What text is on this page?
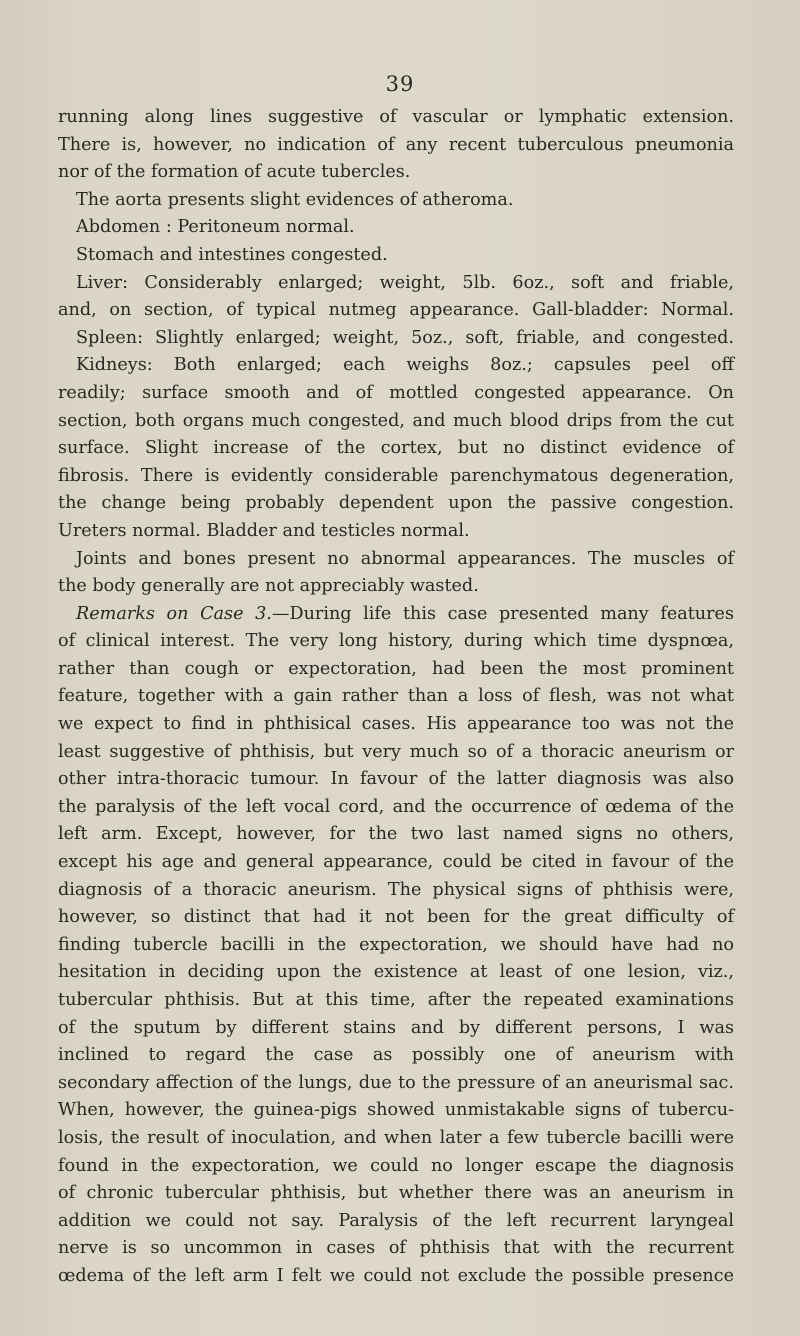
39
running along lines suggestive of vascular or lymphatic extension.
There is, however, no indication of any recent tuberculous pneumonia
nor of the formation of acute tubercles.
The aorta presents slight evidences of atheroma.
Abdomen : Peritoneum normal.
Stomach and intestines congested.
Liver: Considerably enlarged; weight, 5lb. 6oz., soft and friable,
and, on section, of typical nutmeg appearance. Gall-bladder: Normal.
Spleen: Slightly enlarged; weight, 5oz., soft, friable, and congested.
Kidneys: Both enlarged; each weighs 8oz.; capsules peel off
readily; surface smooth and of mottled congested appearance. On
section, both organs much congested, and much blood drips from the cut
surface. Slight increase of the cortex, but no distinct evidence of
fibrosis. There is evidently considerable parenchymatous degeneration,
the change being probably dependent upon the passive congestion.
Ureters normal. Bladder and testicles normal.
Joints and bones present no abnormal appearances. The muscles of
the body generally are not appreciably wasted.
Remarks on Case 3.—During life this case presented many features
of clinical interest. The very long history, during which time dyspnœa,
rather than cough or expectoration, had been the most prominent
feature, together with a gain rather than a loss of flesh, was not what
we expect to find in phthisical cases. His appearance too was not the
least suggestive of phthisis, but very much so of a thoracic aneurism or
other intra-thoracic tumour. In favour of the latter diagnosis was also
the paralysis of the left vocal cord, and the occurrence of œdema of the
left arm. Except, however, for the two last named signs no others,
except his age and general appearance, could be cited in favour of the
diagnosis of a thoracic aneurism. The physical signs of phthisis were,
however, so distinct that had it not been for the great difficulty of
finding tubercle bacilli in the expectoration, we should have had no
hesitation in deciding upon the existence at least of one lesion, viz.,
tubercular phthisis. But at this time, after the repeated examinations
of the sputum by different stains and by different persons, I was
inclined to regard the case as possibly one of aneurism with
secondary affection of the lungs, due to the pressure of an aneurismal sac.
When, however, the guinea-pigs showed unmistakable signs of tubercu-
losis, the result of inoculation, and when later a few tubercle bacilli were
found in the expectoration, we could no longer escape the diagnosis
of chronic tubercular phthisis, but whether there was an aneurism in
addition we could not say. Paralysis of the left recurrent laryngeal
nerve is so uncommon in cases of phthisis that with the recurrent
œdema of the left arm I felt we could not exclude the possible presence
